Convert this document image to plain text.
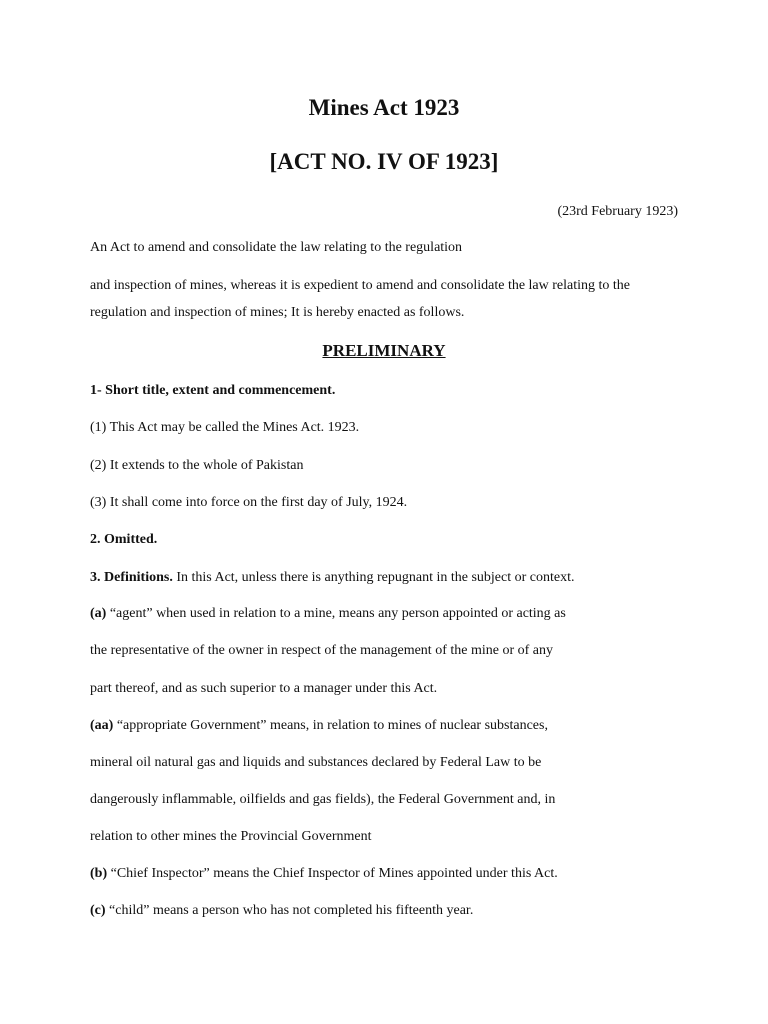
Mines Act 1923
[ACT NO. IV OF 1923]

(23rd February 1923)

An Act to amend and consolidate the law relating to the regulation

and inspection of mines, whereas it is expedient to amend and consolidate the law relating to the

regulation and inspection of mines; It is hereby enacted as follows.

PRELIMINARY

1- Short title, extent and commencement.

(1) This Act may be called the Mines Act. 1923.

(2) It extends to the whole of Pakistan

(3) It shall come into force on the first day of July, 1924.

2. Omitted.

3. Definitions. In this Act, unless there is anything repugnant in the subject or context.

(a) “agent” when used in relation to a mine, means any person appointed or acting as

the representative of the owner in respect of the management of the mine or of any

part thereof, and as such superior to a manager under this Act.

(aa) “appropriate Government” means, in relation to mines of nuclear substances,

mineral oil natural gas and liquids and substances declared by Federal Law to be

dangerously inflammable, oilfields and gas fields), the Federal Government and, in

relation to other mines the Provincial Government

(b) “Chief Inspector” means the Chief Inspector of Mines appointed under this Act.

(c) “child” means a person who has not completed his fifteenth year.
